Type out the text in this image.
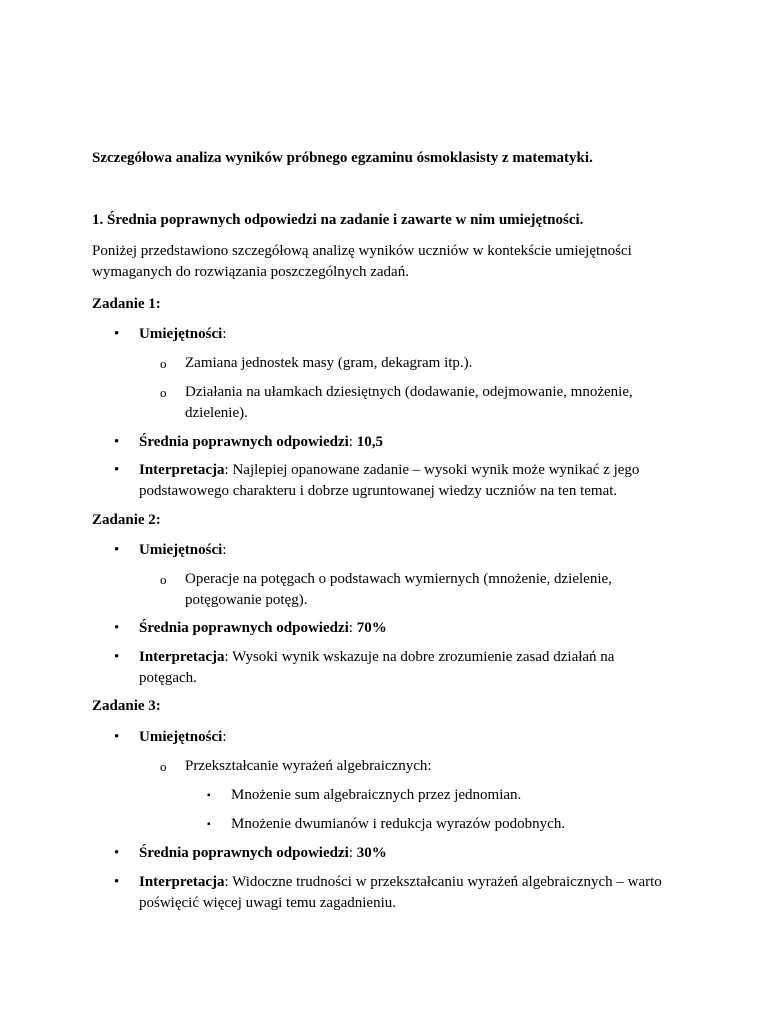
Szczegółowa analiza wyników próbnego egzaminu ósmoklasisty z matematyki.

1. Średnia poprawnych odpowiedzi na zadanie i zawarte w nim umiejętności.

Poniżej przedstawiono szczegółową analizę wyników uczniów w kontekście umiejętności wymaganych do rozwiązania poszczególnych zadań.

Zadanie 1:

• Umiejętności:
o Zamiana jednostek masy (gram, dekagram itp.).
o Działania na ułamkach dziesiętnych (dodawanie, odejmowanie, mnożenie, dzielenie).
• Średnia poprawnych odpowiedzi: 10,5
• Interpretacja: Najlepiej opanowane zadanie – wysoki wynik może wynikać z jego podstawowego charakteru i dobrze ugruntowanej wiedzy uczniów na ten temat.

Zadanie 2:

• Umiejętności:
o Operacje na potęgach o podstawach wymiernych (mnożenie, dzielenie, potęgowanie potęg).
• Średnia poprawnych odpowiedzi: 70%
• Interpretacja: Wysoki wynik wskazuje na dobre zrozumienie zasad działań na potęgach.

Zadanie 3:

• Umiejętności:
o Przekształcanie wyrażeń algebraicznych:
▪ Mnożenie sum algebraicznych przez jednomian.
▪ Mnożenie dwumianów i redukcja wyrazów podobnych.
• Średnia poprawnych odpowiedzi: 30%
• Interpretacja: Widoczne trudności w przekształcaniu wyrażeń algebraicznych – warto poświęcić więcej uwagi temu zagadnieniu.
